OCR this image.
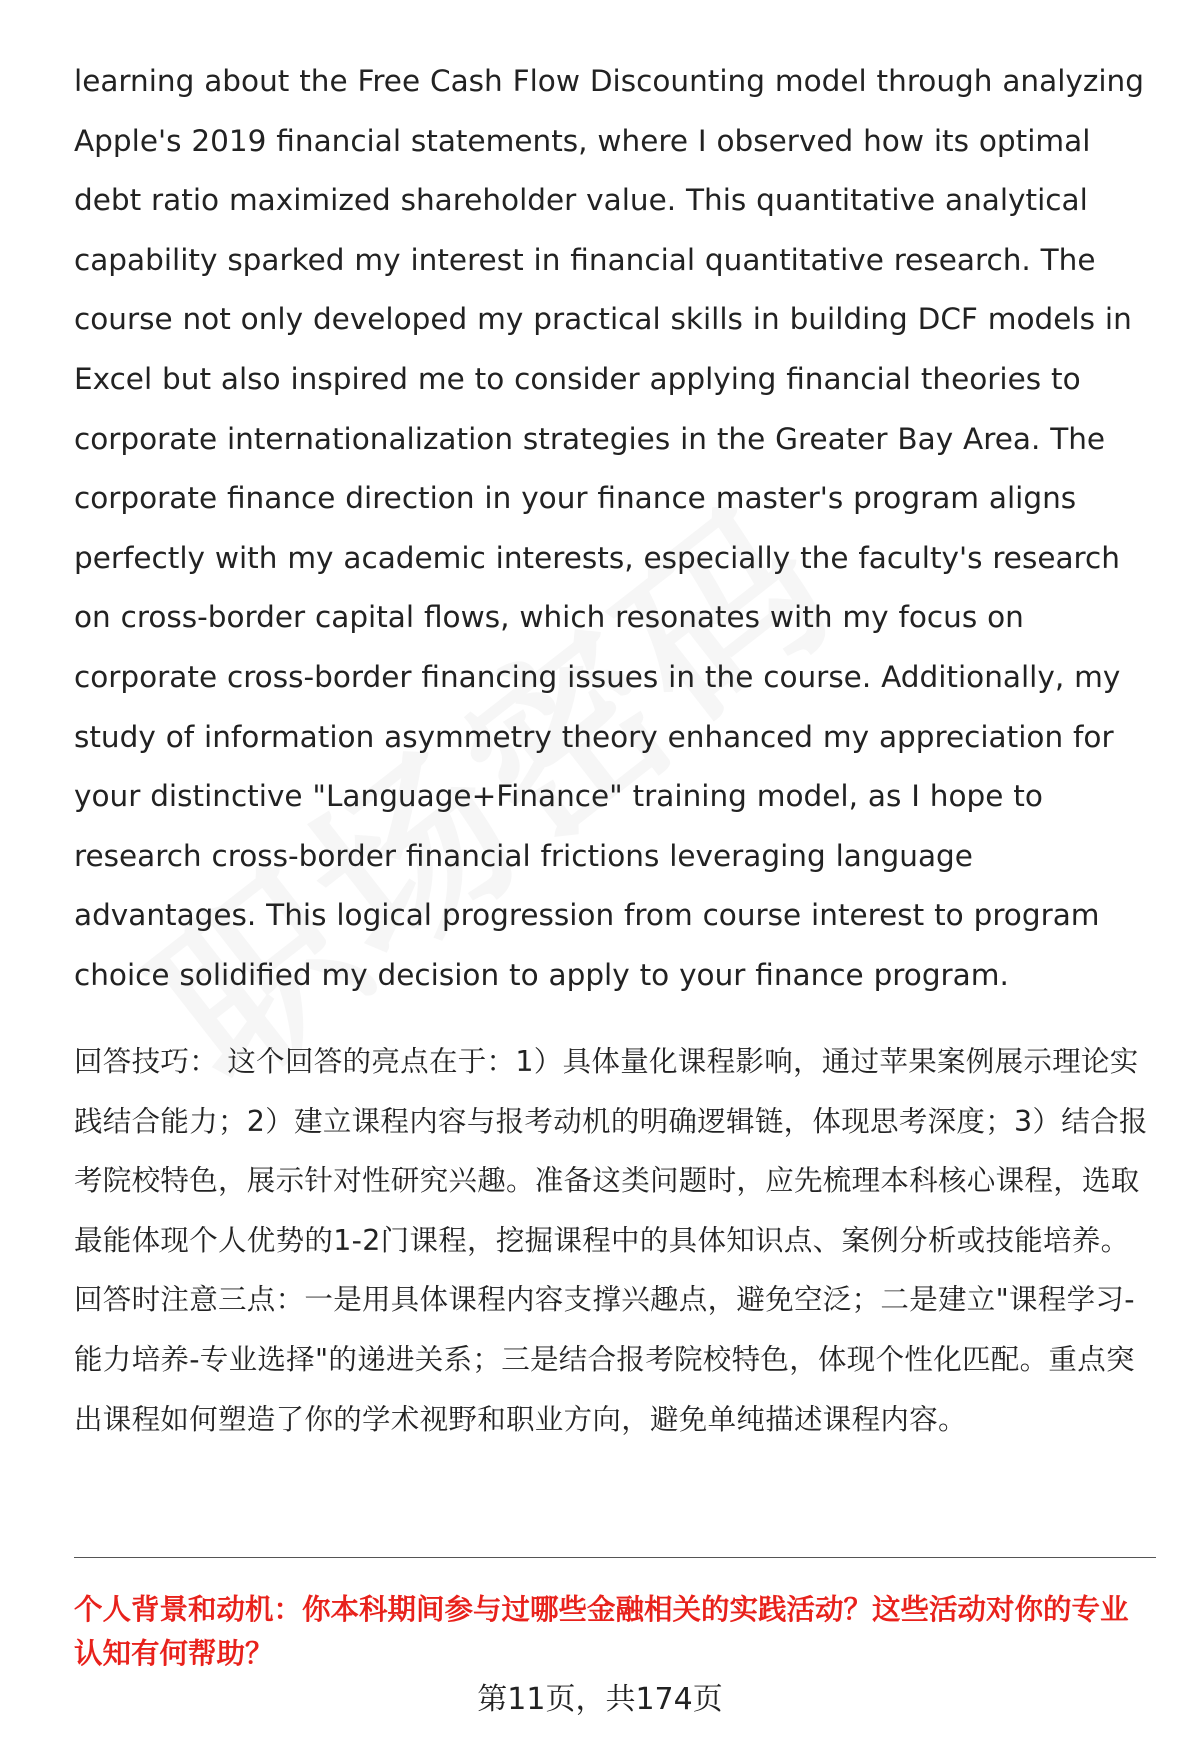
learning about the Free Cash Flow Discounting model through analyzing Apple's 2019 financial statements, where I observed how its optimal debt ratio maximized shareholder value. This quantitative analytical capability sparked my interest in financial quantitative research. The course not only developed my practical skills in building DCF models in Excel but also inspired me to consider applying financial theories to corporate internationalization strategies in the Greater Bay Area. The corporate finance direction in your finance master's program aligns perfectly with my academic interests, especially the faculty's research on cross-border capital flows, which resonates with my focus on corporate cross-border financing issues in the course. Additionally, my study of information asymmetry theory enhanced my appreciation for your distinctive "Language+Finance" training model, as I hope to research cross-border financial frictions leveraging language advantages. This logical progression from course interest to program choice solidified my decision to apply to your finance program.

回答技巧： 这个回答的亮点在于：1）具体量化课程影响，通过苹果案例展示理论实践结合能力；2）建立课程内容与报考动机的明确逻辑链，体现思考深度；3）结合报考院校特色，展示针对性研究兴趣。准备这类问题时，应先梳理本科核心课程，选取最能体现个人优势的1-2门课程，挖掘课程中的具体知识点、案例分析或技能培养。回答时注意三点：一是用具体课程内容支撑兴趣点，避免空泛；二是建立"课程学习-能力培养-专业选择"的递进关系；三是结合报考院校特色，体现个性化匹配。重点突出课程如何塑造了你的学术视野和职业方向，避免单纯描述课程内容。

个人背景和动机：你本科期间参与过哪些金融相关的实践活动？这些活动对你的专业认知有何帮助？

第11页，共174页
